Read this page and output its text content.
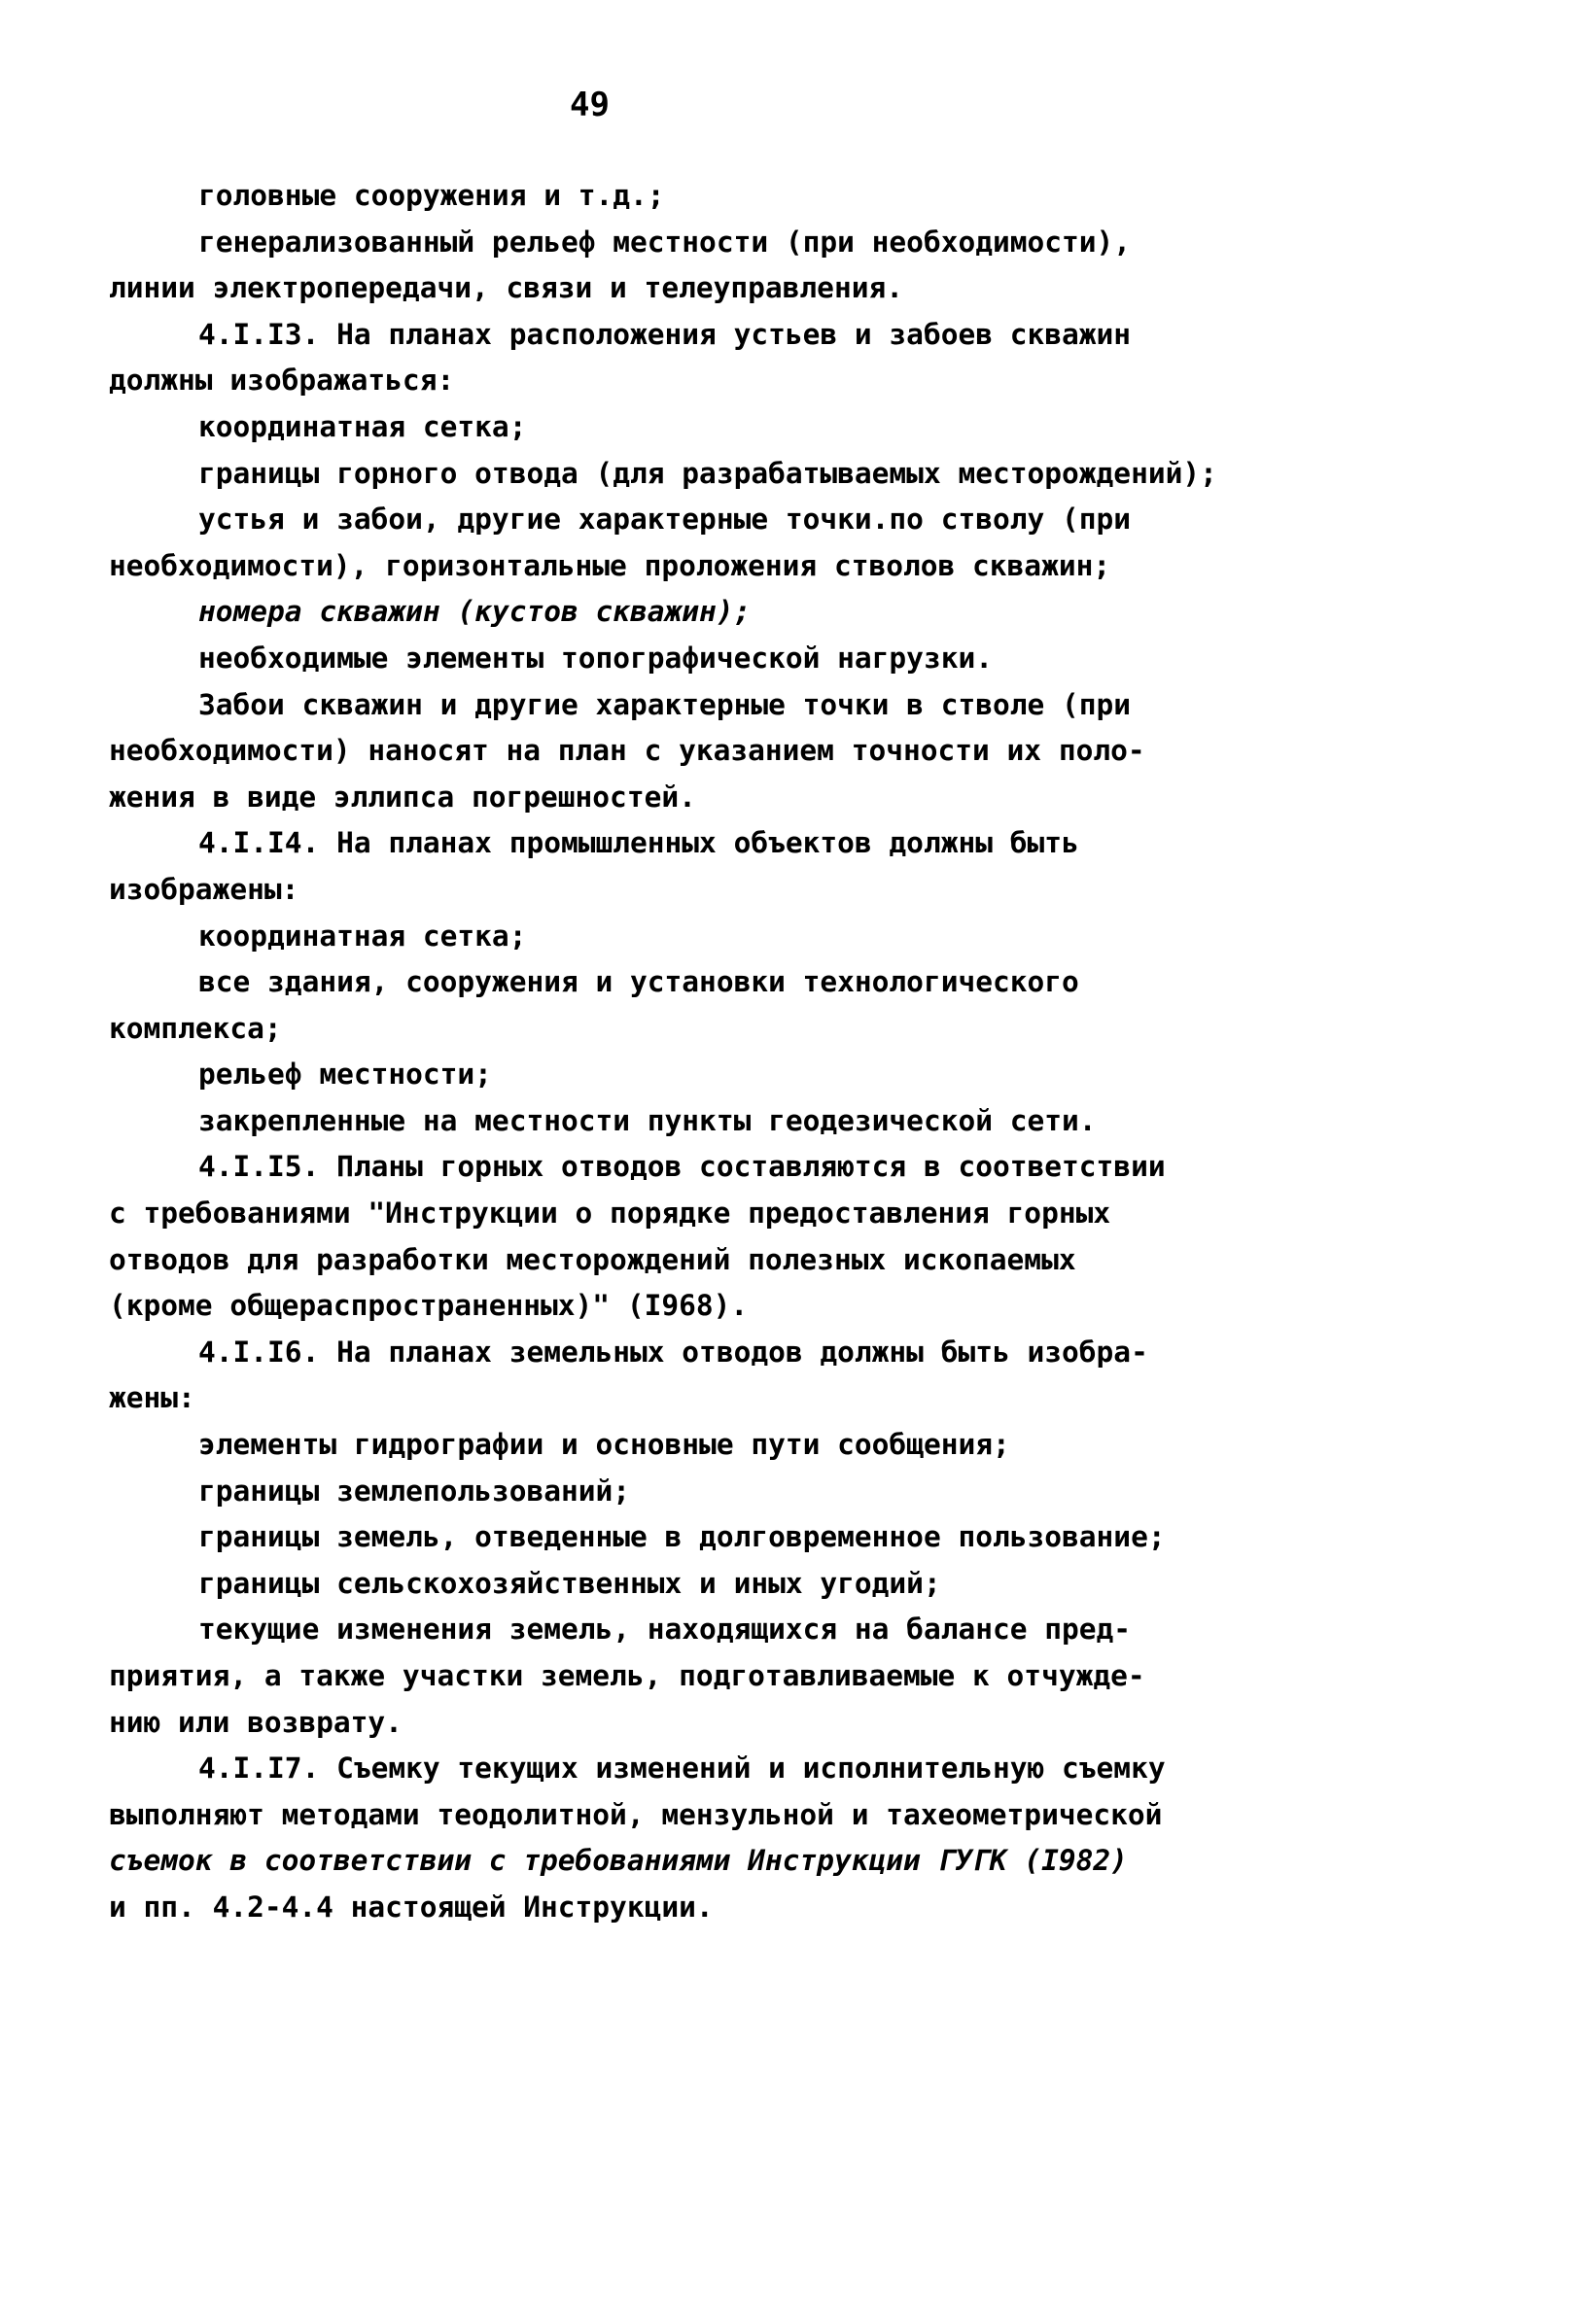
49
головные сооружения и т.д.;
генерализованный рельеф местности (при необходимости),
линии электропередачи, связи и телеуправления.
4.I.I3. На планах расположения устьев и забоев скважин
должны изображаться:
координатная сетка;
границы горного отвода (для разрабатываемых месторождений);
устья и забои, другие характерные точки.по стволу (при
необходимости), горизонтальные проложения стволов скважин;
номера скважин (кустов скважин);
необходимые элементы топографической нагрузки.
Забои скважин и другие характерные точки в стволе (при
необходимости) наносят на план с указанием точности их поло-
жения в виде эллипса погрешностей.
4.I.I4. На планах промышленных объектов должны быть
изображены:
координатная сетка;
все здания, сооружения и установки технологического
комплекса;
рельеф местности;
закрепленные на местности пункты геодезической сети.
4.I.I5. Планы горных отводов составляются в соответствии
с требованиями "Инструкции о порядке предоставления горных
отводов для разработки месторождений полезных ископаемых
(кроме общераспространенных)" (I968).
4.I.I6. На планах земельных отводов должны быть изобра-
жены:
элементы гидрографии и основные пути сообщения;
границы землепользований;
границы земель, отведенные в долговременное пользование;
границы сельскохозяйственных и иных угодий;
текущие изменения земель, находящихся на балансе пред-
приятия, а также участки земель, подготавливаемые к отчужде-
нию или возврату.
4.I.I7. Съемку текущих изменений и исполнительную съемку
выполняют методами теодолитной, мензульной и тахеометрической
съемок в соответствии с требованиями Инструкции ГУГК (I982)
и пп. 4.2-4.4 настоящей Инструкции.
